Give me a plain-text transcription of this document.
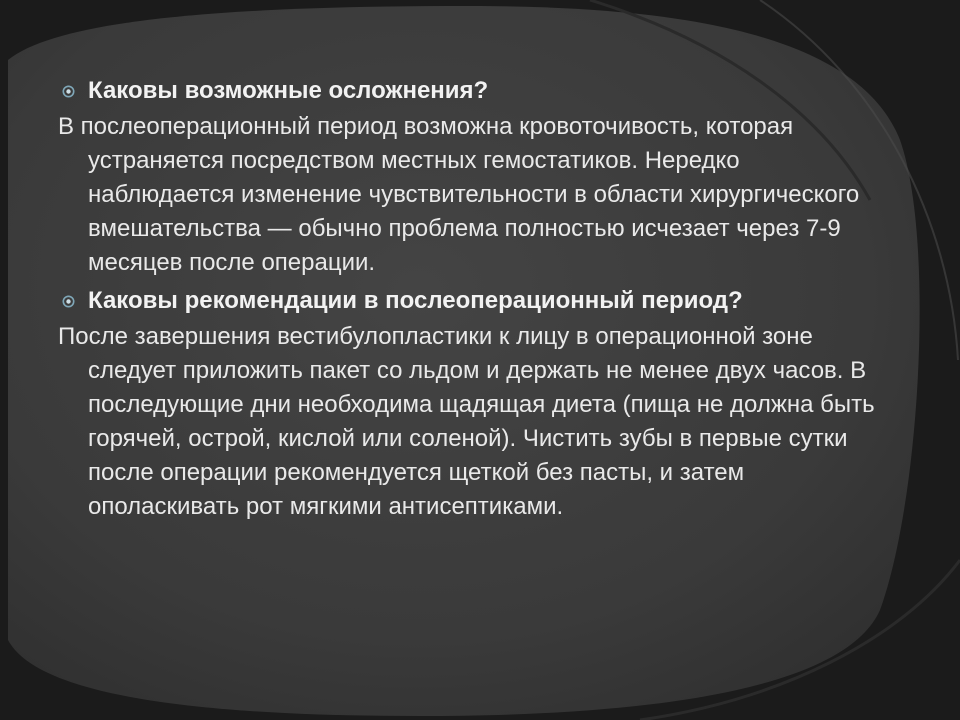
Каковы возможные осложнения?
В послеоперационный период возможна кровоточивость, которая устраняется посредством местных гемостатиков. Нередко наблюдается изменение чувствительности в области хирургического вмешательства — обычно проблема полностью исчезает через 7-9 месяцев после операции.
Каковы рекомендации в послеоперационный период?
После завершения вестибулопластики к лицу в операционной зоне следует приложить пакет со льдом и держать не менее двух часов. В последующие дни необходима щадящая диета (пища не должна быть горячей, острой, кислой или соленой). Чистить зубы в первые сутки после операции рекомендуется щеткой без пасты, и затем ополаскивать рот мягкими антисептиками.
